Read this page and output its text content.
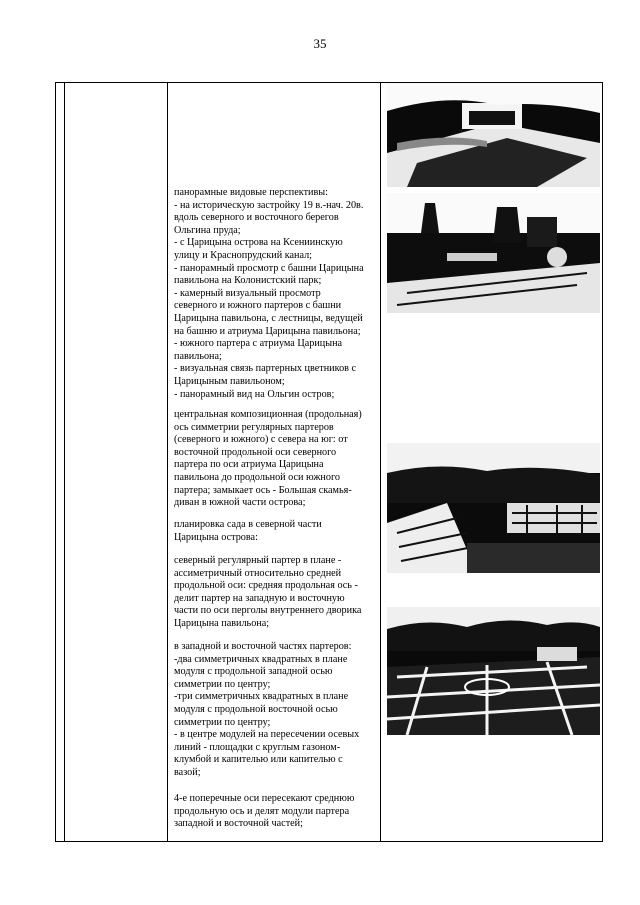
35
панорамные видовые перспективы:
- на историческую застройку 19 в.-нач. 20в.
вдоль северного и восточного берегов
Ольгина пруда;
- с Царицына острова на Ксениинскую
улицу и Краснопрудский канал;
- панорамный просмотр с башни Царицына
павильона на Колонистский парк;
- камерный визуальный просмотр
северного и южного партеров с башни
Царицына павильона, с лестницы, ведущей
на башню и атриума Царицына павильона;
- южного партера с атриума Царицына
павильона;
- визуальная связь партерных цветников с
Царицыным павильоном;
- панорамный вид на Ольгин остров;
центральная композиционная (продольная)
ось симметрии регулярных партеров
(северного и южного) с севера на юг: от
восточной продольной оси северного
партера по оси атриума Царицына
павильона до продольной оси южного
партера; замыкает ось - Большая скамья-
диван в южной части острова;
планировка сада в северной части
Царицына острова:
северный регулярный партер в плане -
ассиметричный относительно средней
продольной оси: средняя продольная ось -
делит партер на западную и восточную
части по оси перголы внутреннего дворика
Царицына павильона;
в западной и восточной частях партеров:
-два симметричных квадратных в плане
модуля с продольной западной осью
симметрии по центру;
-три симметричных квадратных в плане
модуля с продольной восточной осью
симметрии по центру;
- в центре модулей на пересечении осевых
линий - площадки с круглым газоном-
клумбой и капителью или капителью с
вазой;
4-е поперечные оси пересекают среднюю
продольную ось и делят модули партера
западной и восточной частей;
